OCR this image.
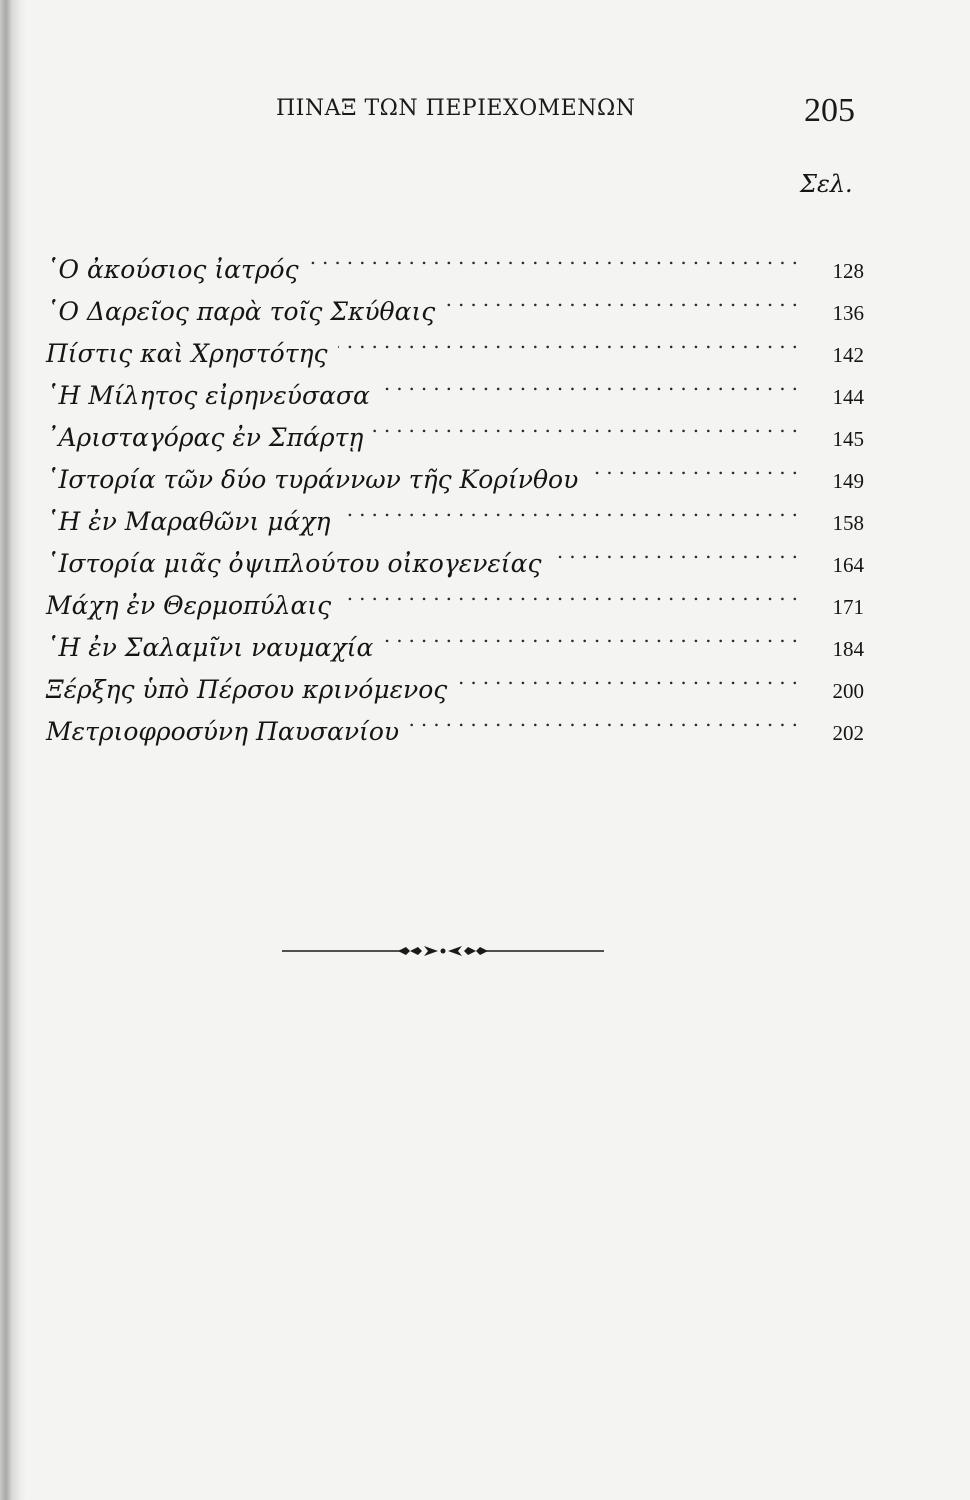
ΠΙΝΑΞ ΤΩΝ ΠΕΡΙΕΧΟΜΕΝΩΝ	205
Σελ.
῾Ο ἀκούσιος ἰατρός .....	128
῾Ο Δαρεῖος παρὰ τοῖς Σκύθαις .....	136
Πίστις καὶ Χρηστότης .....	142
῾Η Μίλητος εἰρηνεύσασα .....	144
᾿Αρισταγόρας ἐν Σπάρτῃ .....	145
῾Ιστορία τῶν δύο τυράννων τῆς Κορίνθου .....	149
῾Η ἐν Μαραθῶνι μάχη .....	158
῾Ιστορία μιᾶς ὀψιπλούτου οἰκογενείας .....	164
Μάχη ἐν Θερμοπύλαις .....	171
῾Η ἐν Σαλαμῖνι ναυμαχία .....	184
Ξέρξης ὑπὸ Πέρσου κρινόμενος .....	200
Μετριοφροσύνη Παυσανίου .....	202
